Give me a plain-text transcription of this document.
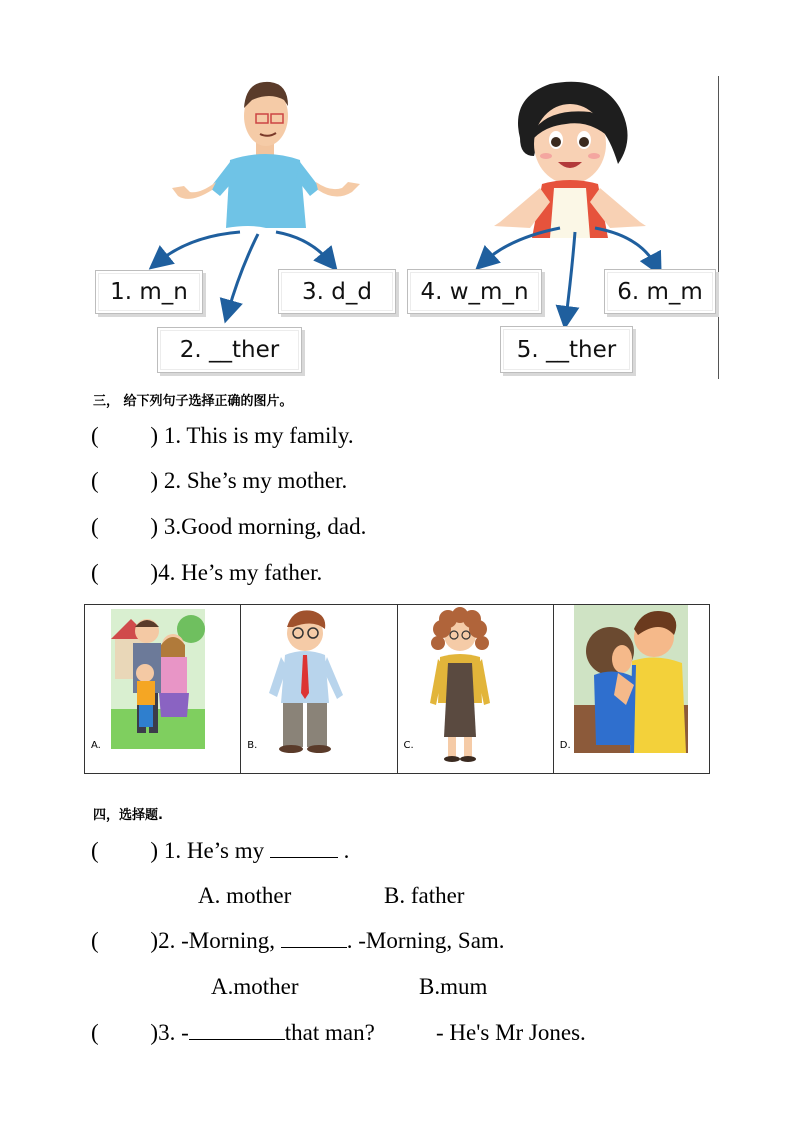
1. m_n
2. __ther
3. d_d	4. w_m_n
5. __ther
6. m_m
三， 给下列句子选择正确的图片。
(         ) 1. This is my family.
(         ) 2. She’s my mother.
(         ) 3.Good morning, dad.
(         )4. He’s my father.
A.	B.	C.	D.
四，选择题.
(         ) 1. He’s my	.
A. mother	B. father
(         )2. -Morning,	. -Morning, Sam.
A.mother	B.mum
(         )3. -	that man?	- He's Mr Jones.
